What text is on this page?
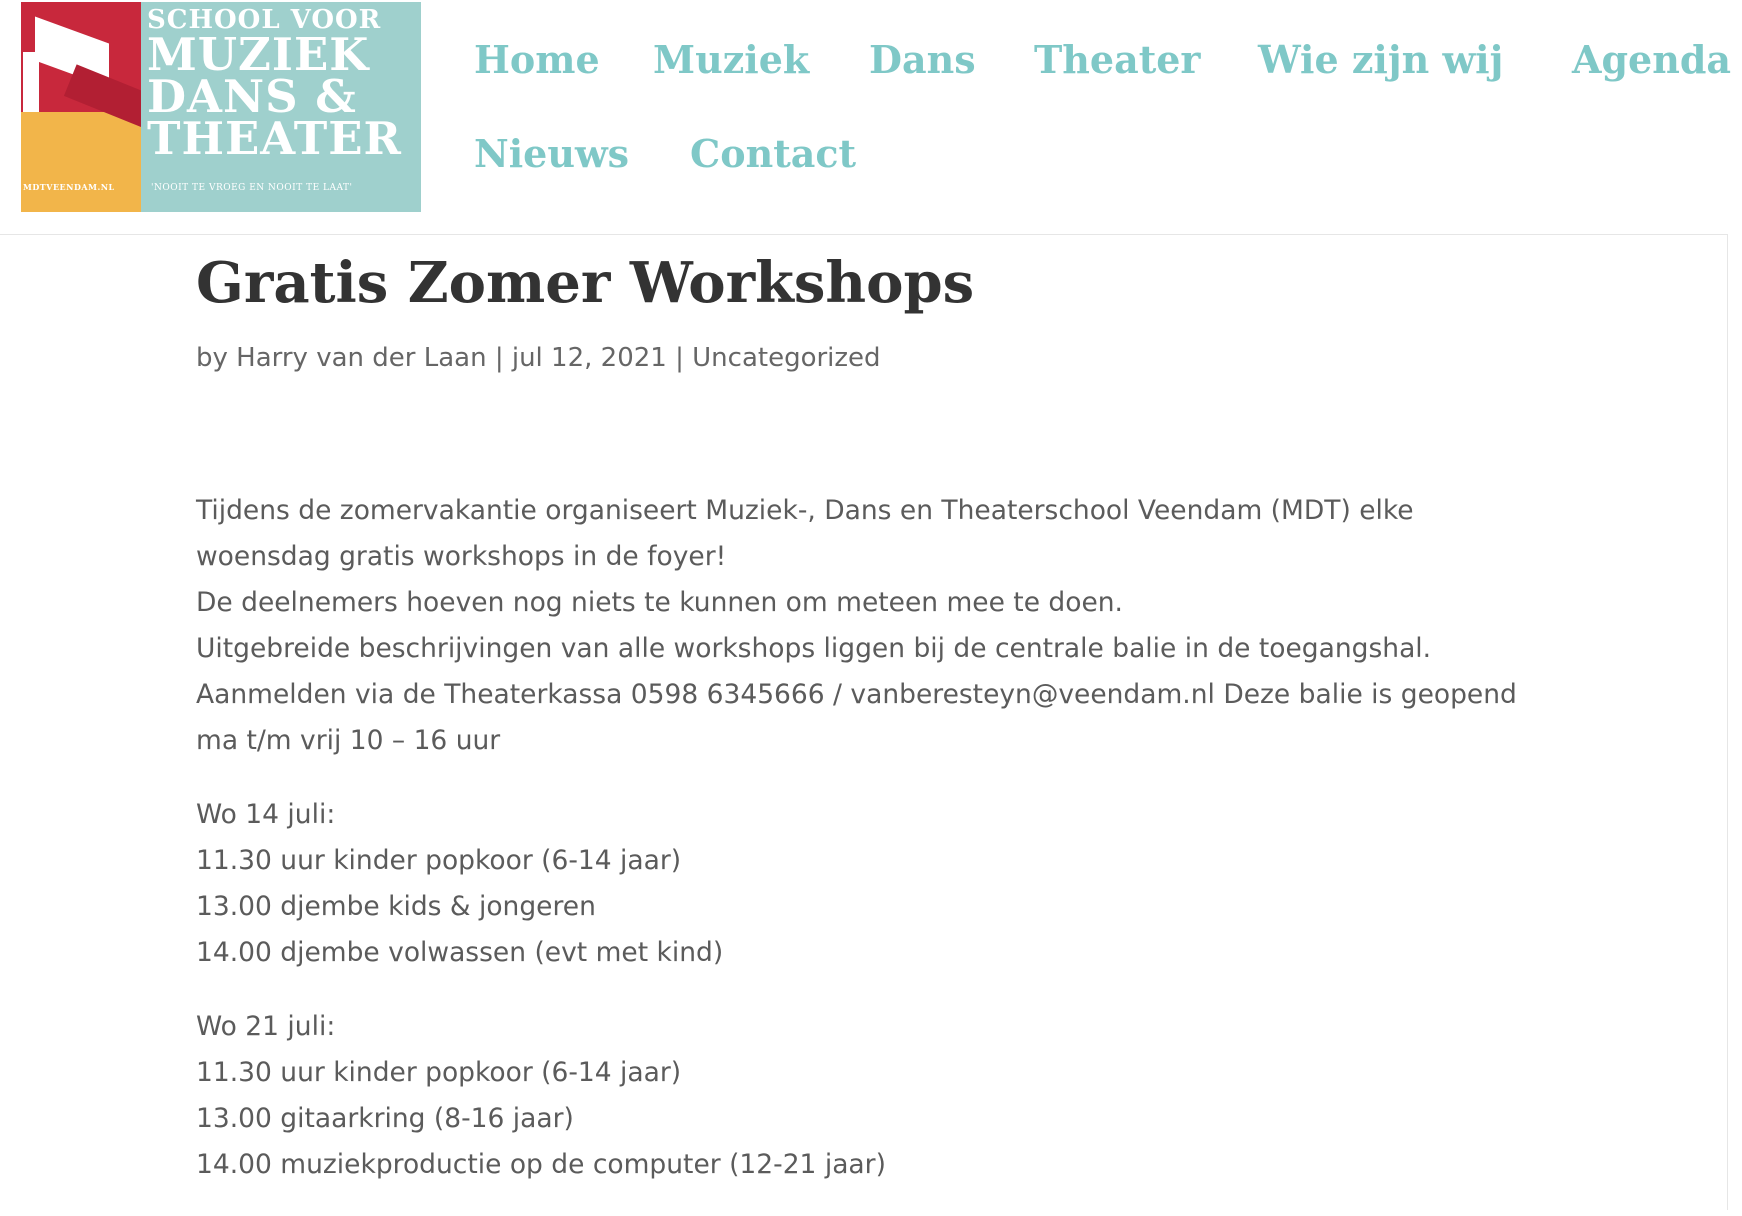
MDTVEENDAM.NL
SCHOOL VOOR
MUZIEK
DANS &
THEATER
'NOOIT TE VROEG EN NOOIT TE LAAT'
Home Muziek Dans Theater Wie zijn wij Agenda
Nieuws Contact
Gratis Zomer Workshops
by Harry van der Laan | jul 12, 2021 | Uncategorized

Tijdens de zomervakantie organiseert Muziek-, Dans en Theaterschool Veendam (MDT) elke
woensdag gratis workshops in de foyer!
De deelnemers hoeven nog niets te kunnen om meteen mee te doen.
Uitgebreide beschrijvingen van alle workshops liggen bij de centrale balie in de toegangshal.
Aanmelden via de Theaterkassa 0598 6345666 / vanberesteyn@veendam.nl Deze balie is geopend
ma t/m vrij 10 – 16 uur

Wo 14 juli:
11.30 uur kinder popkoor (6-14 jaar)
13.00 djembe kids & jongeren
14.00 djembe volwassen (evt met kind)

Wo 21 juli:
11.30 uur kinder popkoor (6-14 jaar)
13.00 gitaarkring (8-16 jaar)
14.00 muziekproductie op de computer (12-21 jaar)
